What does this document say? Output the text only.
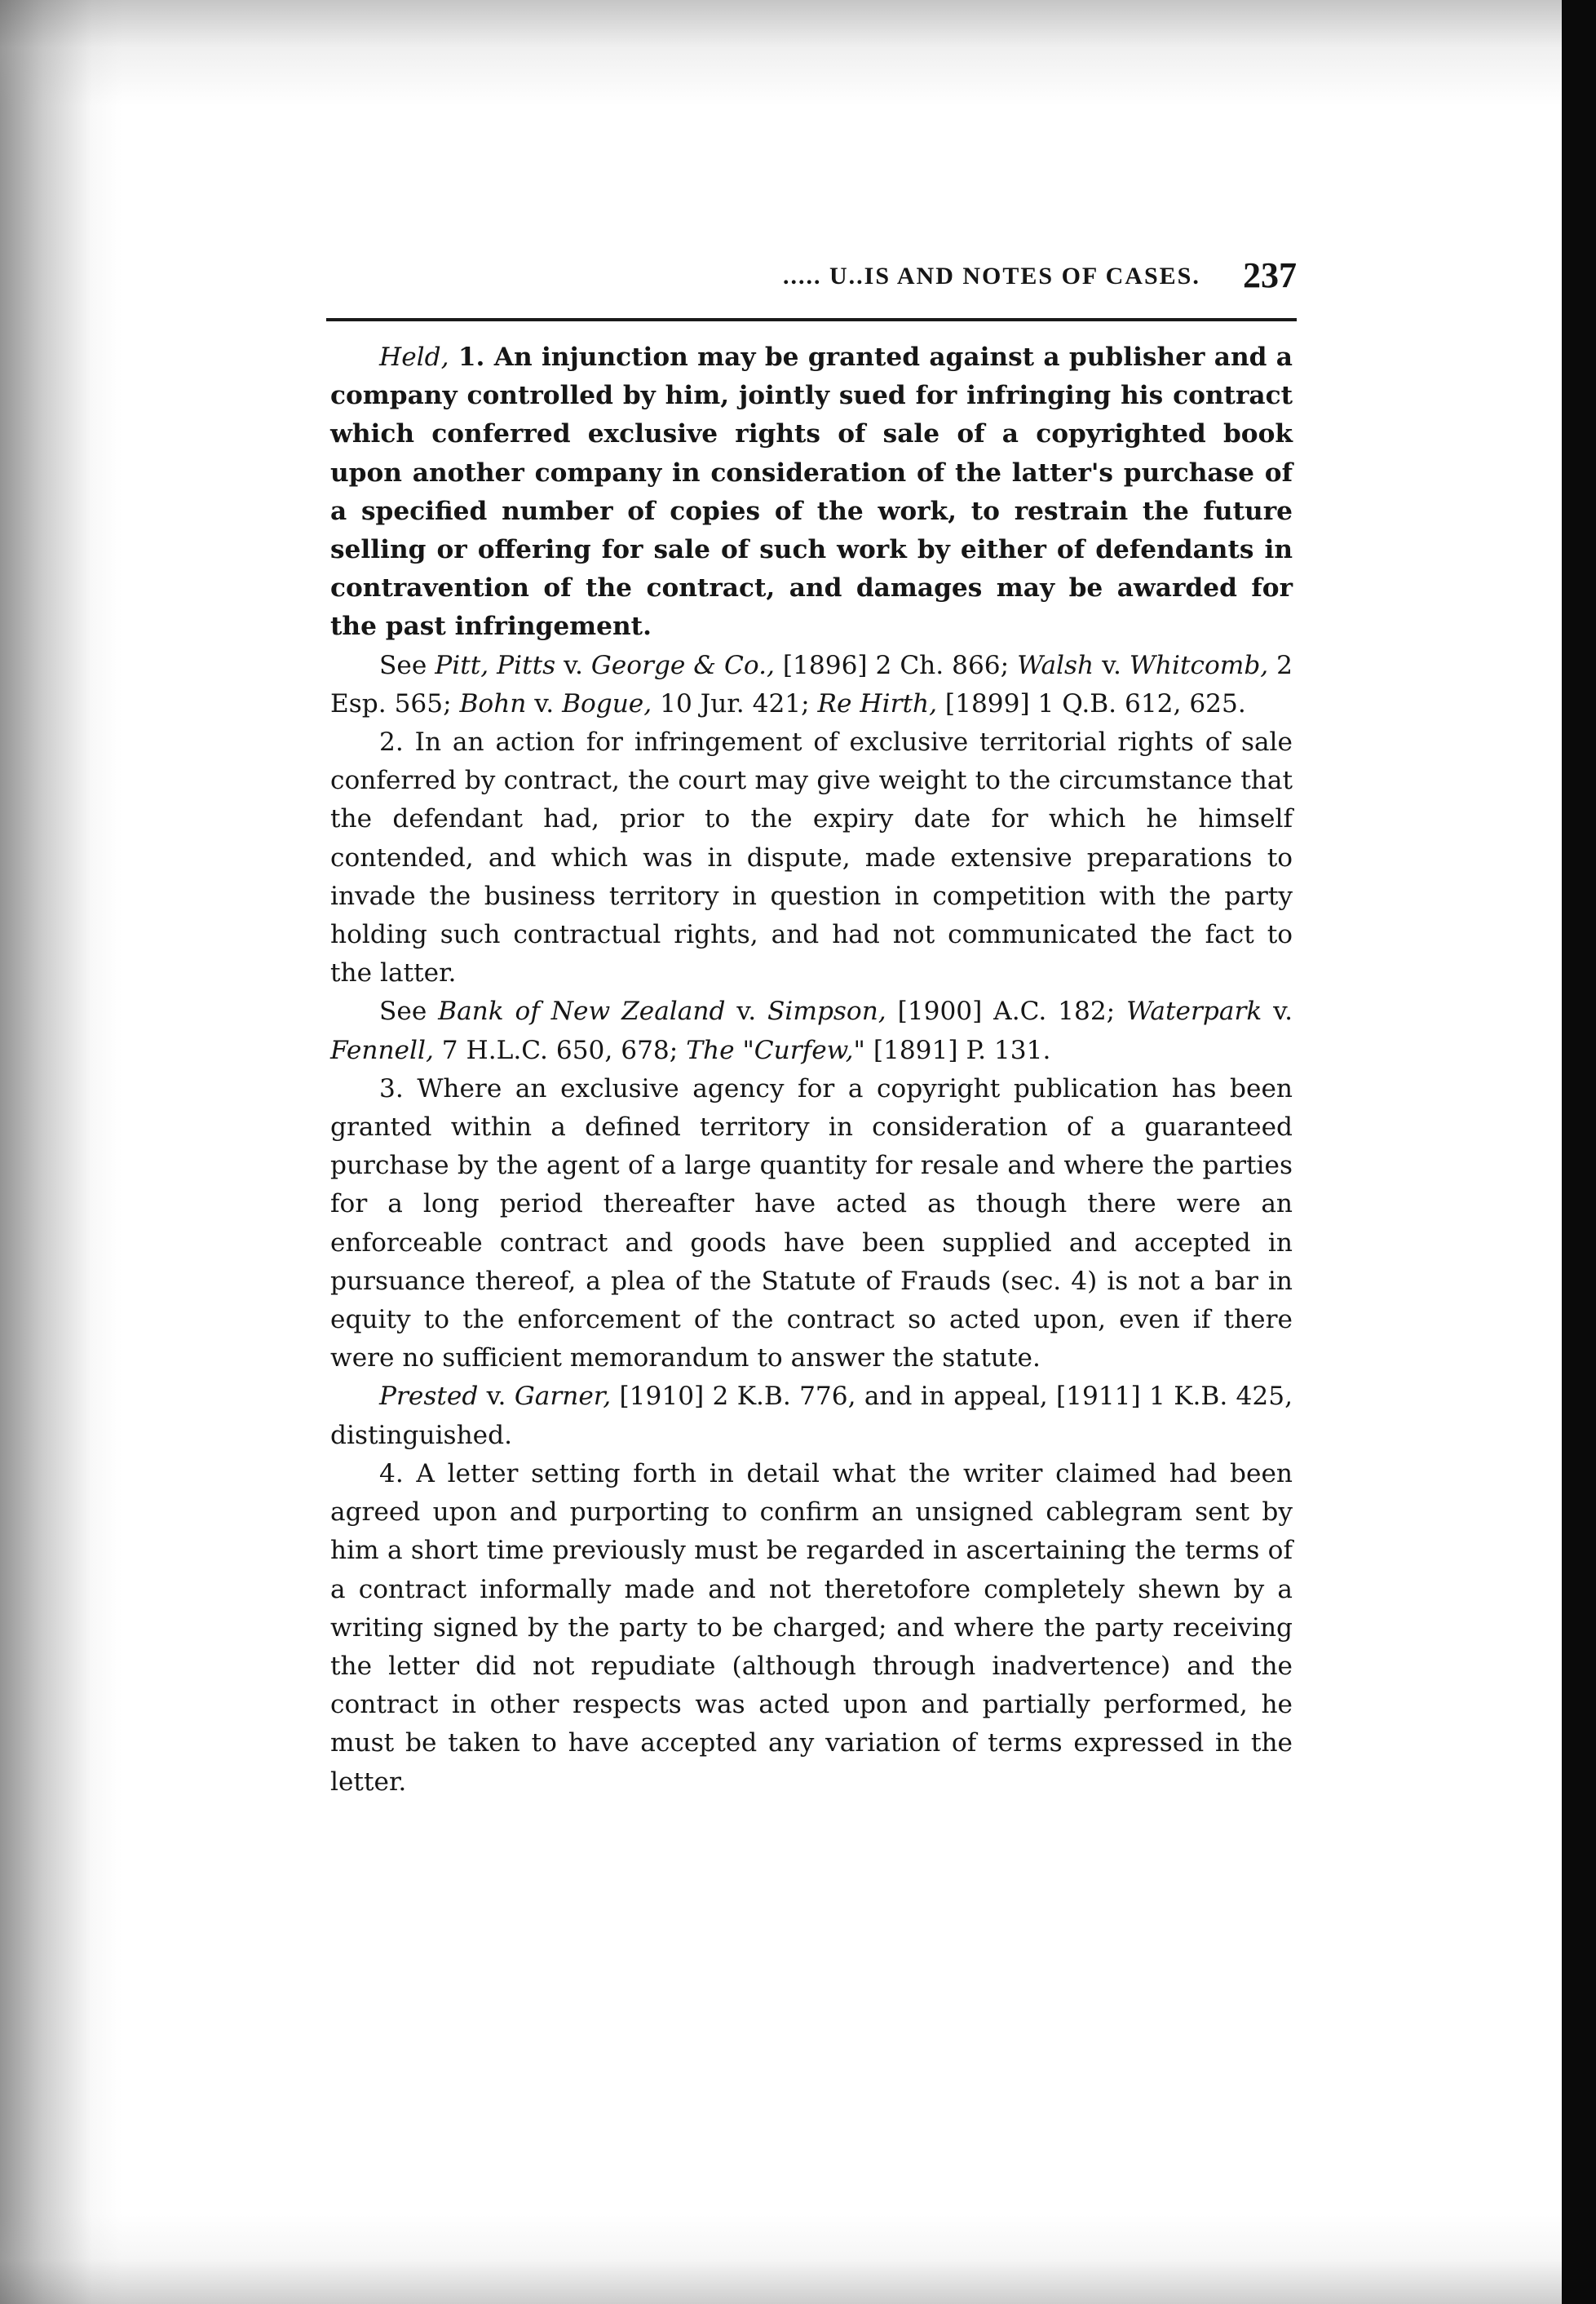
..... U..IS AND NOTES OF CASES. 237

Held, 1. An injunction may be granted against a publisher and a company controlled by him, jointly sued for infringing his contract which conferred exclusive rights of sale of a copyrighted book upon another company in consideration of the latter's purchase of a specified number of copies of the work, to restrain the future selling or offering for sale of such work by either of defendants in contravention of the contract, and damages may be awarded for the past infringement.

See Pitt, Pitts v. George & Co., [1896] 2 Ch. 866; Walsh v. Whitcomb, 2 Esp. 565; Bohn v. Bogue, 10 Jur. 421; Re Hirth, [1899] 1 Q.B. 612, 625.

2. In an action for infringement of exclusive territorial rights of sale conferred by contract, the court may give weight to the circumstance that the defendant had, prior to the expiry date for which he himself contended, and which was in dispute, made extensive preparations to invade the business territory in question in competition with the party holding such contractual rights, and had not communicated the fact to the latter.

See Bank of New Zealand v. Simpson, [1900] A.C. 182; Waterpark v. Fennell, 7 H.L.C. 650, 678; The "Curfew," [1891] P. 131.

3. Where an exclusive agency for a copyright publication has been granted within a defined territory in consideration of a guaranteed purchase by the agent of a large quantity for resale and where the parties for a long period thereafter have acted as though there were an enforceable contract and goods have been supplied and accepted in pursuance thereof, a plea of the Statute of Frauds (sec. 4) is not a bar in equity to the enforcement of the contract so acted upon, even if there were no sufficient memorandum to answer the statute.

Prested v. Garner, [1910] 2 K.B. 776, and in appeal, [1911] 1 K.B. 425, distinguished.

4. A letter setting forth in detail what the writer claimed had been agreed upon and purporting to confirm an unsigned cablegram sent by him a short time previously must be regarded in ascertaining the terms of a contract informally made and not theretofore completely shewn by a writing signed by the party to be charged; and where the party receiving the letter did not repudiate (although through inadvertence) and the contract in other respects was acted upon and partially performed, he must be taken to have accepted any variation of terms expressed in the letter.
